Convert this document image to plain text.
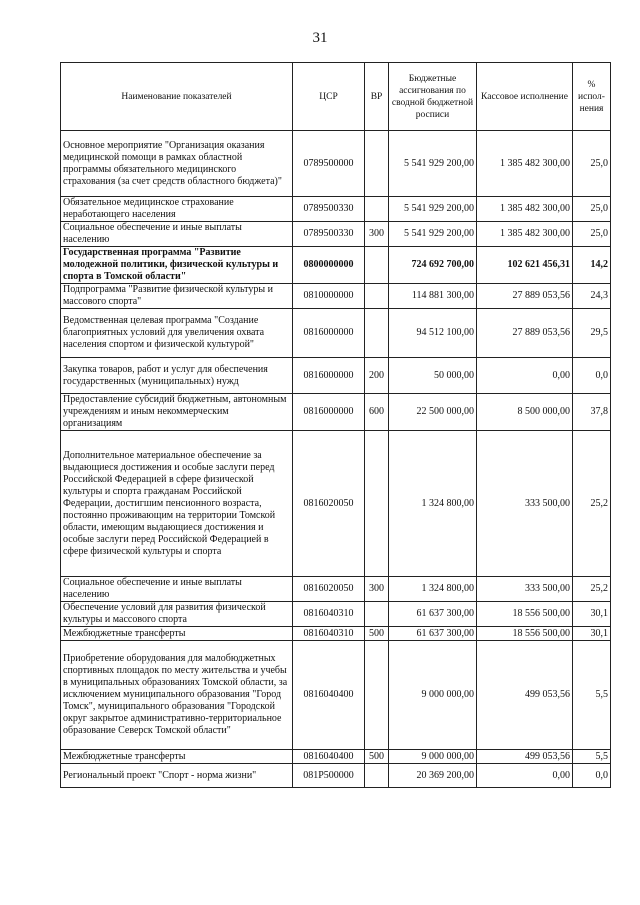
31
Наименование показателей	ЦСР	ВР	Бюджетные ассигнования по сводной бюджетной росписи	Кассовое исполнение	% испол-нения
Основное мероприятие "Организация оказания медицинской помощи в рамках областной программы обязательного медицинского страхования (за счет средств областного бюджета)"	0789500000		5 541 929 200,00	1 385 482 300,00	25,0
Обязательное медицинское страхование неработающего населения	0789500330		5 541 929 200,00	1 385 482 300,00	25,0
Социальное обеспечение и иные выплаты населению	0789500330	300	5 541 929 200,00	1 385 482 300,00	25,0
Государственная программа "Развитие молодежной политики, физической культуры и спорта в Томской области"	0800000000		724 692 700,00	102 621 456,31	14,2
Подпрограмма "Развитие физической культуры и массового спорта"	0810000000		114 881 300,00	27 889 053,56	24,3
Ведомственная целевая программа "Создание благоприятных условий для увеличения охвата населения спортом и физической культурой"	0816000000		94 512 100,00	27 889 053,56	29,5
Закупка товаров, работ и услуг для обеспечения государственных (муниципальных) нужд	0816000000	200	50 000,00	0,00	0,0
Предоставление субсидий бюджетным, автономным учреждениям и иным некоммерческим организациям	0816000000	600	22 500 000,00	8 500 000,00	37,8
Дополнительное материальное обеспечение за выдающиеся достижения и особые заслуги перед Российской Федерацией в сфере физической культуры и спорта гражданам Российской Федерации, достигшим пенсионного возраста, постоянно проживающим на территории Томской области, имеющим выдающиеся достижения и особые заслуги перед Российской Федерацией в сфере физической культуры и спорта	0816020050		1 324 800,00	333 500,00	25,2
Социальное обеспечение и иные выплаты населению	0816020050	300	1 324 800,00	333 500,00	25,2
Обеспечение условий для развития физической культуры и массового спорта	0816040310		61 637 300,00	18 556 500,00	30,1
Межбюджетные трансферты	0816040310	500	61 637 300,00	18 556 500,00	30,1
Приобретение оборудования для малобюджетных спортивных площадок по месту жительства и учебы в муниципальных образованиях Томской области, за исключением муниципального образования "Город Томск", муниципального образования "Городской округ закрытое административно-территориальное образование Северск Томской области"	0816040400		9 000 000,00	499 053,56	5,5
Межбюджетные трансферты	0816040400	500	9 000 000,00	499 053,56	5,5
Региональный проект "Спорт - норма жизни"	081P500000		20 369 200,00	0,00	0,0
